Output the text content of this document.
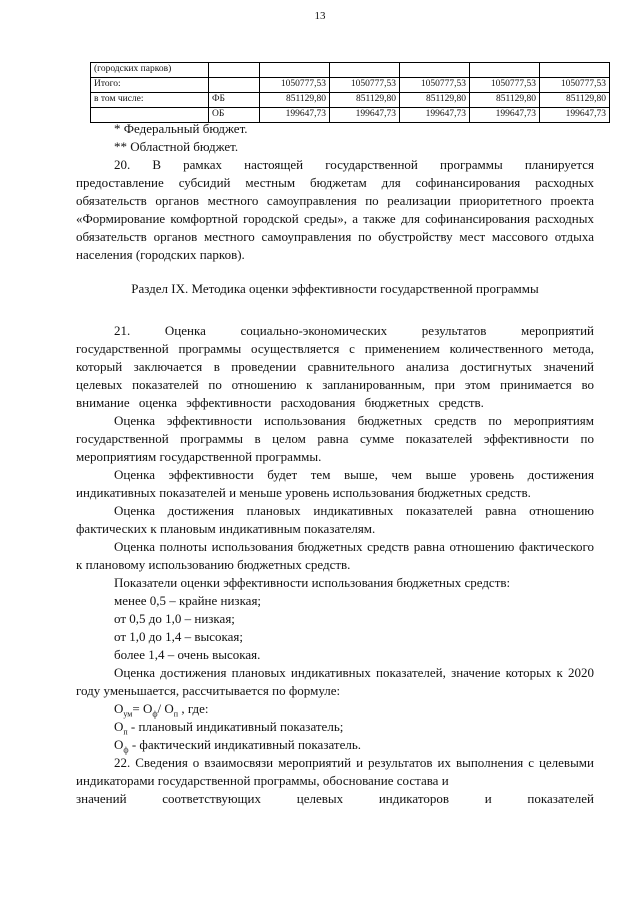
13
(городских парков)						
Итого:		1050777,53	1050777,53	1050777,53	1050777,53	1050777,53
в том числе:	ФБ	851129,80	851129,80	851129,80	851129,80	851129,80
	ОБ	199647,73	199647,73	199647,73	199647,73	199647,73

* Федеральный бюджет.

** Областной бюджет.

20. В рамках настоящей государственной программы планируется

предоставление субсидий местным бюджетам для софинансирования расходных обязательств органов местного самоуправления по реализации приоритетного проекта «Формирование комфортной городской среды», а также для софинансирования расходных обязательств органов местного самоуправления по обустройству мест массового отдыха населения (городских парков).

Раздел IX. Методика оценки эффективности государственной программы

21. Оценка социально-экономических результатов мероприятий государственной программы осуществляется с применением количественного метода, который заключается в проведении сравнительного анализа достигнутых значений целевых показателей по отношению к запланированным, при этом принимается во внимание оценка эффективности расходования бюджетных средств.

Оценка эффективности использования бюджетных средств по мероприятиям государственной программы в целом равна сумме показателей эффективности по мероприятиям государственной программы.

Оценка эффективности будет тем выше, чем выше уровень достижения индикативных показателей и меньше уровень использования бюджетных средств.

Оценка достижения плановых индикативных показателей равна отношению фактических к плановым индикативным показателям.

Оценка полноты использования бюджетных средств равна отношению фактического к плановому использованию бюджетных средств.

Показатели оценки эффективности использования бюджетных средств:

менее 0,5 – крайне низкая;

от 0,5 до 1,0 – низкая;

от 1,0 до 1,4 – высокая;

более 1,4 – очень высокая.

Оценка достижения плановых индикативных показателей, значение которых к 2020 году уменьшается, рассчитывается по формуле:

$О_{ум}= О_ф/$ $О_п$ , где:

$О_п$ - плановый индикативный показатель;

$О_ф$ - фактический индикативный показатель.

22. Сведения о взаимосвязи мероприятий и результатов их выполнения с целевыми индикаторами государственной программы, обоснование состава и

значений соответствующих целевых индикаторов и показателей
